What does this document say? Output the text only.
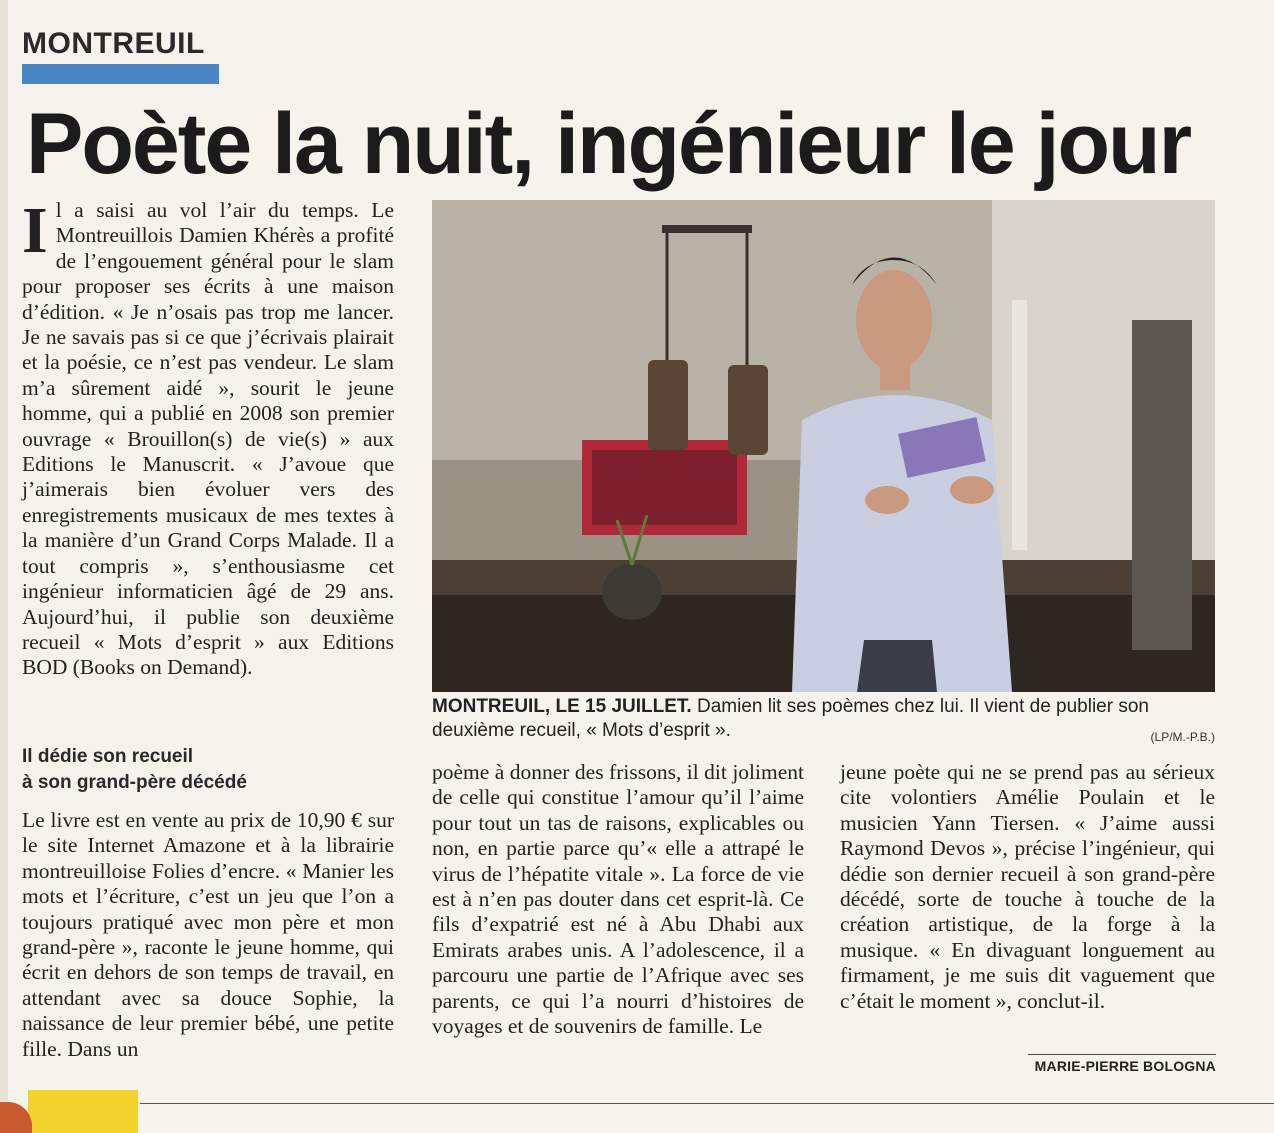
MONTREUIL
Poète la nuit, ingénieur le jour
I l a saisi au vol l’air du temps. Le Montreuillois Damien Khérès a profité de l’engouement général pour le slam pour proposer ses écrits à une maison d’édition. « Je n’osais pas trop me lancer. Je ne savais pas si ce que j’écrivais plairait et la poésie, ce n’est pas vendeur. Le slam m’a sûrement aidé », sourit le jeune homme, qui a publié en 2008 son premier ouvrage « Brouillon(s) de vie(s) » aux Editions le Manuscrit. « J’avoue que j’aimerais bien évoluer vers des enregistrements musicaux de mes textes à la manière d’un Grand Corps Malade. Il a tout compris », s’enthousiasme cet ingénieur informaticien âgé de 29 ans. Aujourd’hui, il publie son deuxième recueil « Mots d’esprit » aux Editions BOD (Books on Demand).
Il dédie son recueil
à son grand-père décédé

Le livre est en vente au prix de 10,90 € sur le site Internet Amazone et à la librairie montreuilloise Folies d’encre. « Manier les mots et l’écriture, c’est un jeu que l’on a toujours pratiqué avec mon père et mon grand-père », raconte le jeune homme, qui écrit en dehors de son temps de travail, en attendant avec sa douce Sophie, la naissance de leur premier bébé, une petite fille. Dans un

MONTREUIL, LE 15 JUILLET. Damien lit ses poèmes chez lui. Il vient de publier son deuxième recueil, « Mots d’esprit ».	(LP/M.-P.B.)

poème à donner des frissons, il dit joliment de celle qui constitue l’amour qu’il l’aime pour tout un tas de raisons, explicables ou non, en partie parce qu’« elle a attrapé le virus de l’hépatite vitale ». La force de vie est à n’en pas douter dans cet esprit-là. Ce fils d’expatrié est né à Abu Dhabi aux Emirats arabes unis. A l’adolescence, il a parcouru une partie de l’Afrique avec ses parents, ce qui l’a nourri d’histoires de voyages et de souvenirs de famille. Le

jeune poète qui ne se prend pas au sérieux cite volontiers Amélie Poulain et le musicien Yann Tiersen. « J’aime aussi Raymond Devos », précise l’ingénieur, qui dédie son dernier recueil à son grand-père décédé, sorte de touche à touche de la création artistique, de la forge à la musique. « En divaguant longuement au firmament, je me suis dit vaguement que c’était le moment », conclut-il.

MARIE-PIERRE BOLOGNA
